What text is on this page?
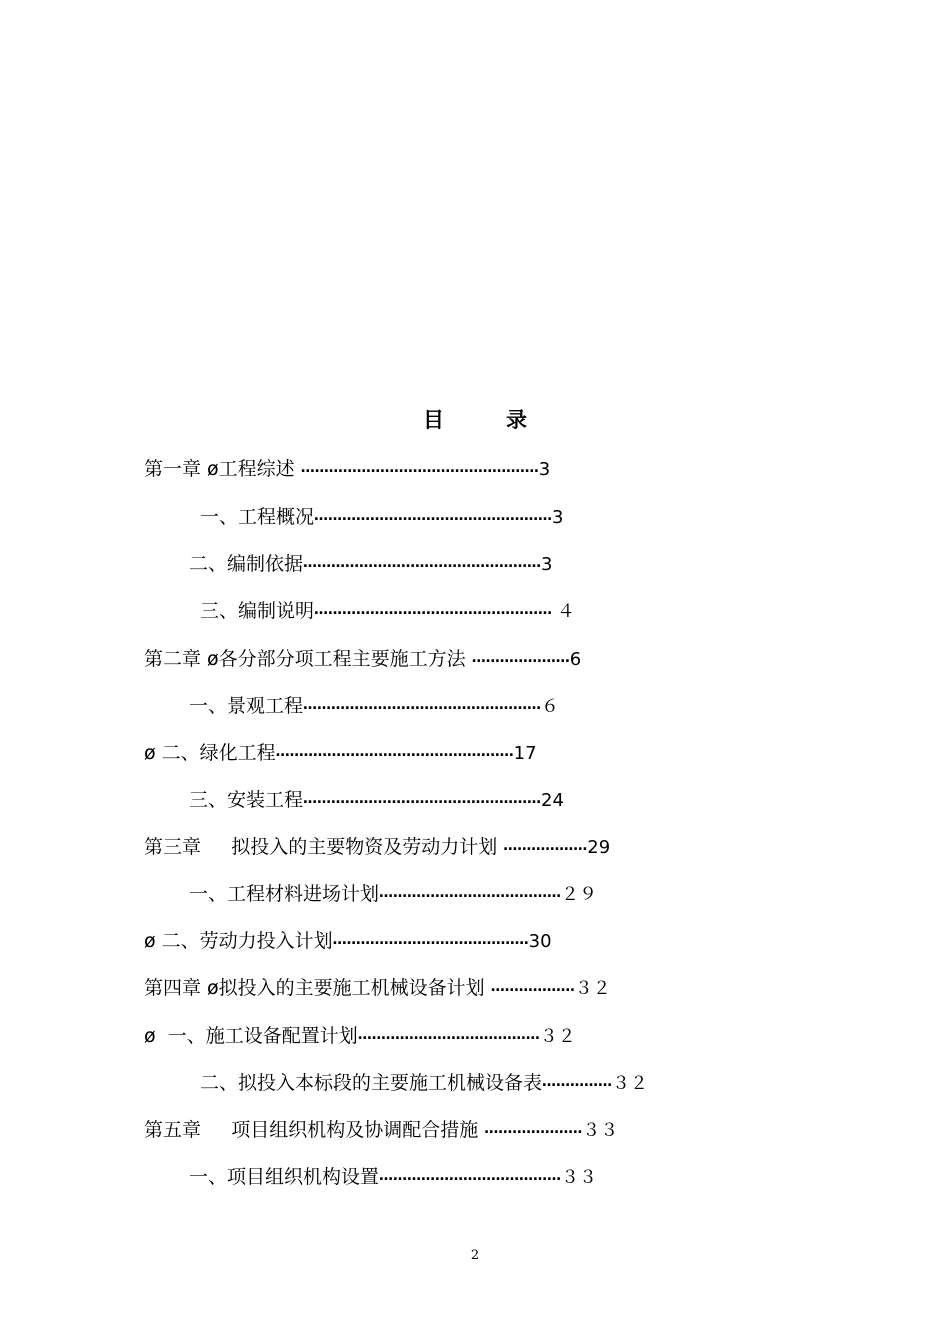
目	录
第一章 ø工程综述 ……………………………………………3
一、工程概况……………………………………………3
二、编制依据……………………………………………3
三、编制说明…………………………………………… ４
第二章 ø各分部分项工程主要施工方法 …………………6
一、景观工程……………………………………………６
ø 二、绿化工程……………………………………………17
三、安装工程……………………………………………24
第三章     拟投入的主要物资及劳动力计划 ………………29
一、工程材料进场计划…………………………………２９
ø 二、劳动力投入计划……………………………………30
第四章 ø拟投入的主要施工机械设备计划 ………………３２
ø  一、施工设备配置计划…………………………………３２
二、拟投入本标段的主要施工机械设备表……………３２
第五章     项目组织机构及协调配合措施 …………………３３
一、项目组织机构设置…………………………………３３
2
